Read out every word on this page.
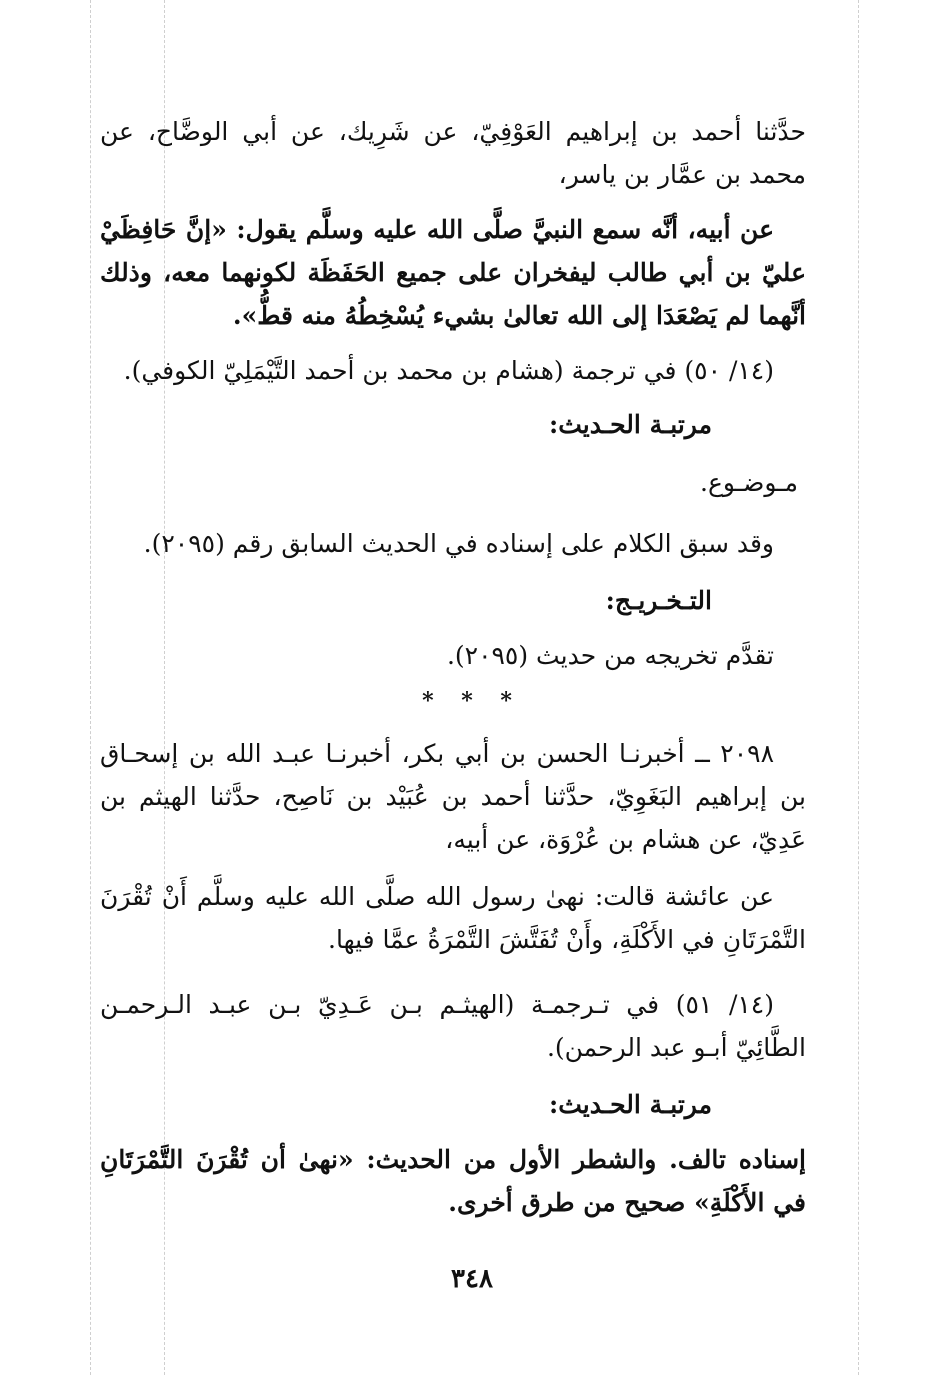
حدَّثنا أحمد بن إبراهيم العَوْفِيّ، عن شَرِيك، عن أبي الوضَّاح، عن محمد بن عمَّار بن ياسر،
عن أبيه، أنَّه سمع النبيَّ صلَّى الله عليه وسلَّم يقول: «إنَّ حَافِظَيْ عليّ بن أبي طالب ليفخران على جميع الحَفَظَة لكونهما معه، وذلك أنَّهما لم يَصْعَدَا إلى الله تعالىٰ بشيء يُسْخِطُهُ منه قطُّ».
(١٤/ ٥٠) في ترجمة (هشام بن محمد بن أحمد التَّيْمَلِيّ الكوفي).
مرتبـة الحـديث:
مـوضـوع.
وقد سبق الكلام على إسناده في الحديث السابق رقم (٢٠٩٥).
التـخـريـج:
تقدَّم تخريجه من حديث (٢٠٩٥).
* * *
٢٠٩٨ ــ أخبرنـا الحسن بن أبي بكر، أخبرنـا عبـد الله بن إسحـاق بن إبراهيم البَغَوِيّ، حدَّثنا أحمد بن عُبَيْد بن نَاصِح، حدَّثنا الهيثم بن عَدِيّ، عن هشام بن عُرْوَة، عن أبيه،
عن عائشة قالت: نهىٰ رسول الله صلَّى الله عليه وسلَّم أَنْ تُقْرَنَ التَّمْرَتَانِ في الأَكْلَةِ، وأَنْ تُفَتَّشَ التَّمْرَةُ عمَّا فيها.
(١٤/ ٥١) في تـرجمـة (الهيثـم بـن عَـدِيّ بـن عبـد الـرحمـن الطَّائِيّ أبـو عبد الرحمن).
مرتبـة الحـديث:
إسناده تالف. والشطر الأول من الحديث: «نهىٰ أن تُقْرَنَ التَّمْرَتَانِ في الأَكْلَةِ» صحيح من طرق أخرى.
٣٤٨
